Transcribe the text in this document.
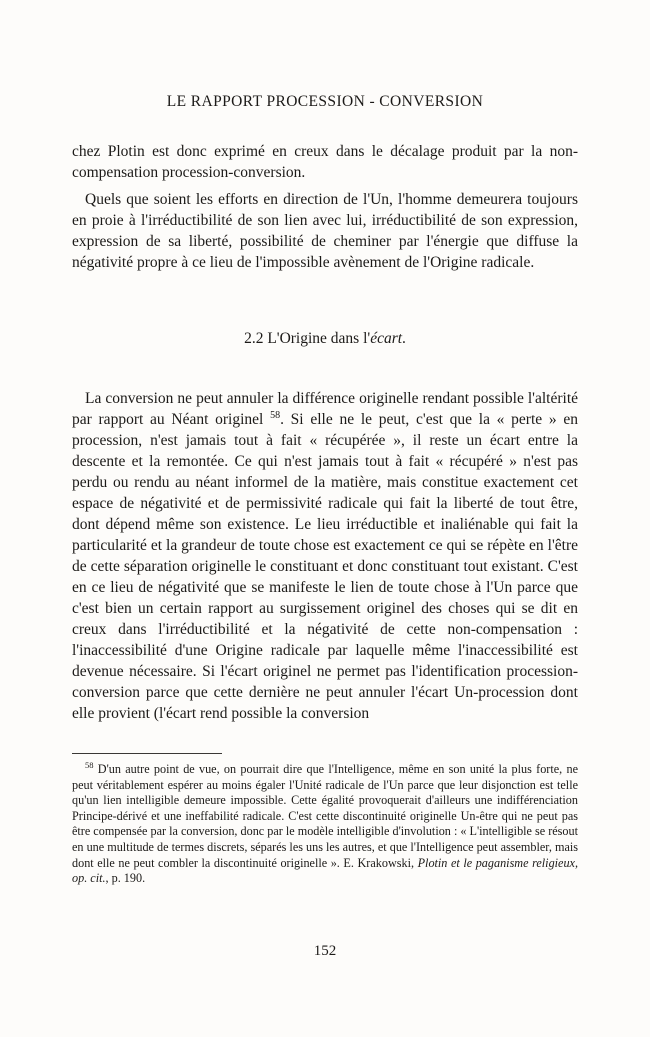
LE RAPPORT PROCESSION - CONVERSION

chez Plotin est donc exprimé en creux dans le décalage produit par la non-compensation procession-conversion.

Quels que soient les efforts en direction de l'Un, l'homme demeurera toujours en proie à l'irréductibilité de son lien avec lui, irréductibilité de son expression, expression de sa liberté, possibilité de cheminer par l'énergie que diffuse la négativité propre à ce lieu de l'impossible avènement de l'Origine radicale.

2.2 L'Origine dans l'écart.

La conversion ne peut annuler la différence originelle rendant possible l'altérité par rapport au Néant originel $^{58}$. Si elle ne le peut, c'est que la « perte » en procession, n'est jamais tout à fait « récupérée », il reste un écart entre la descente et la remontée. Ce qui n'est jamais tout à fait « récupéré » n'est pas perdu ou rendu au néant informel de la matière, mais constitue exactement cet espace de négativité et de permissivité radicale qui fait la liberté de tout être, dont dépend même son existence. Le lieu irréductible et inaliénable qui fait la particularité et la grandeur de toute chose est exactement ce qui se répète en l'être de cette séparation originelle le constituant et donc constituant tout existant. C'est en ce lieu de négativité que se manifeste le lien de toute chose à l'Un parce que c'est bien un certain rapport au surgissement originel des choses qui se dit en creux dans l'irréductibilité et la négativité de cette non-compensation : l'inaccessibilité d'une Origine radicale par laquelle même l'inaccessibilité est devenue nécessaire. Si l'écart originel ne permet pas l'identification procession-conversion parce que cette dernière ne peut annuler l'écart Un-procession dont elle provient (l'écart rend possible la conversion

$^{58}$ D'un autre point de vue, on pourrait dire que l'Intelligence, même en son unité la plus forte, ne peut véritablement espérer au moins égaler l'Unité radicale de l'Un parce que leur disjonction est telle qu'un lien intelligible demeure impossible. Cette égalité provoquerait d'ailleurs une indifférenciation Principe-dérivé et une ineffabilité radicale. C'est cette discontinuité originelle Un-être qui ne peut pas être compensée par la conversion, donc par le modèle intelligible d'involution : « L'intelligible se résout en une multitude de termes discrets, séparés les uns les autres, et que l'Intelligence peut assembler, mais dont elle ne peut combler la discontinuité originelle ». E. Krakowski, Plotin et le paganisme religieux, op. cit., p. 190.

152
